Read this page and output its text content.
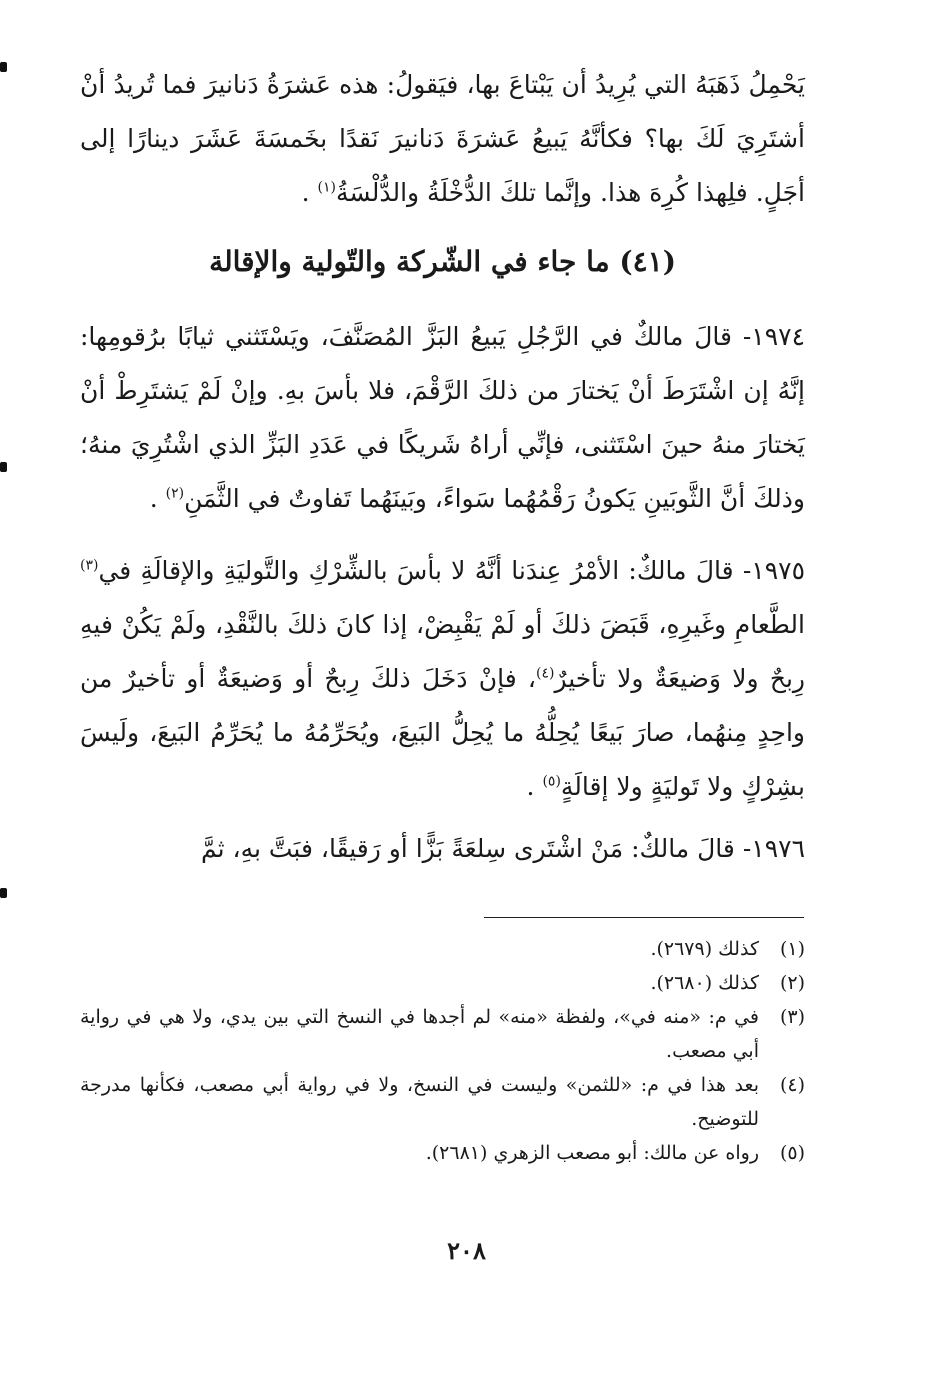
يَحْمِلُ ذَهَبَهُ التي يُرِيدُ أن يَبْتاعَ بها، فيَقولُ: هذه عَشرَةُ دَنانيرَ فما تُريدُ أنْ أشتَرِيَ لَكَ بها؟ فكأنَّهُ يَبيعُ عَشرَةَ دَنانيرَ نَقدًا بخَمسَةَ عَشَرَ دينارًا إلى أجَلٍ. فلِهذا كُرِهَ هذا. وإنَّما تلكَ الدُّخْلَةُ والدُّلْسَةُ$^{(١)}$ .

(٤١) ما جاء في الشّركة والتّولية والإقالة

١٩٧٤- قالَ مالكٌ في الرَّجُلِ يَبيعُ البَزَّ المُصَنَّفَ، ويَسْتَثني ثيابًا برُقومِها: إنَّهُ إن اشْتَرَطَ أنْ يَختارَ من ذلكَ الرَّقْمَ، فلا بأسَ بهِ. وإنْ لَمْ يَشتَرِطْ أنْ يَختارَ منهُ حينَ اسْتَثنى، فإنِّي أراهُ شَريكًا في عَدَدِ البَزِّ الذي اشْتُرِيَ منهُ؛ وذلكَ أنَّ الثَّوبَينِ يَكونُ رَقْمُهُما سَواءً، وبَينَهُما تَفاوتٌ في الثَّمَنِ$^{(٢)}$ .

١٩٧٥- قالَ مالكٌ: الأمْرُ عِندَنا أنَّهُ لا بأسَ بالشِّرْكِ والتَّوليَةِ والإقالَةِ في$^{(٣)}$ الطَّعامِ وغَيرِهِ، قَبَضَ ذلكَ أو لَمْ يَقْبِضْ، إذا كانَ ذلكَ بالنَّقْدِ، ولَمْ يَكُنْ فيهِ رِبحٌ ولا وَضيعَةٌ ولا تأخيرٌ$^{(٤)}$، فإنْ دَخَلَ ذلكَ رِبحٌ أو وَضيعَةٌ أو تأخيرٌ من واحِدٍ مِنهُما، صارَ بَيعًا يُحِلُّهُ ما يُحِلُّ البَيعَ، ويُحَرِّمُهُ ما يُحَرِّمُ البَيعَ، ولَيسَ بشِرْكٍ ولا تَوليَةٍ ولا إقالَةٍ$^{(٥)}$ .

١٩٧٦- قالَ مالكٌ: مَنْ اشْتَرى سِلعَةً بَزًّا أو رَقيقًا، فبَتَّ بهِ، ثمَّ

(١)
كذلك (٢٦٧٩).

(٢)
كذلك (٢٦٨٠).

(٣)
في م: «منه في»، ولفظة «منه» لم أجدها في النسخ التي بين يدي، ولا هي في رواية أبي مصعب.

(٤)
بعد هذا في م: «للثمن» وليست في النسخ، ولا في رواية أبي مصعب، فكأنها مدرجة للتوضيح.

(٥)
رواه عن مالك: أبو مصعب الزهري (٢٦٨١).

٢٠٨
